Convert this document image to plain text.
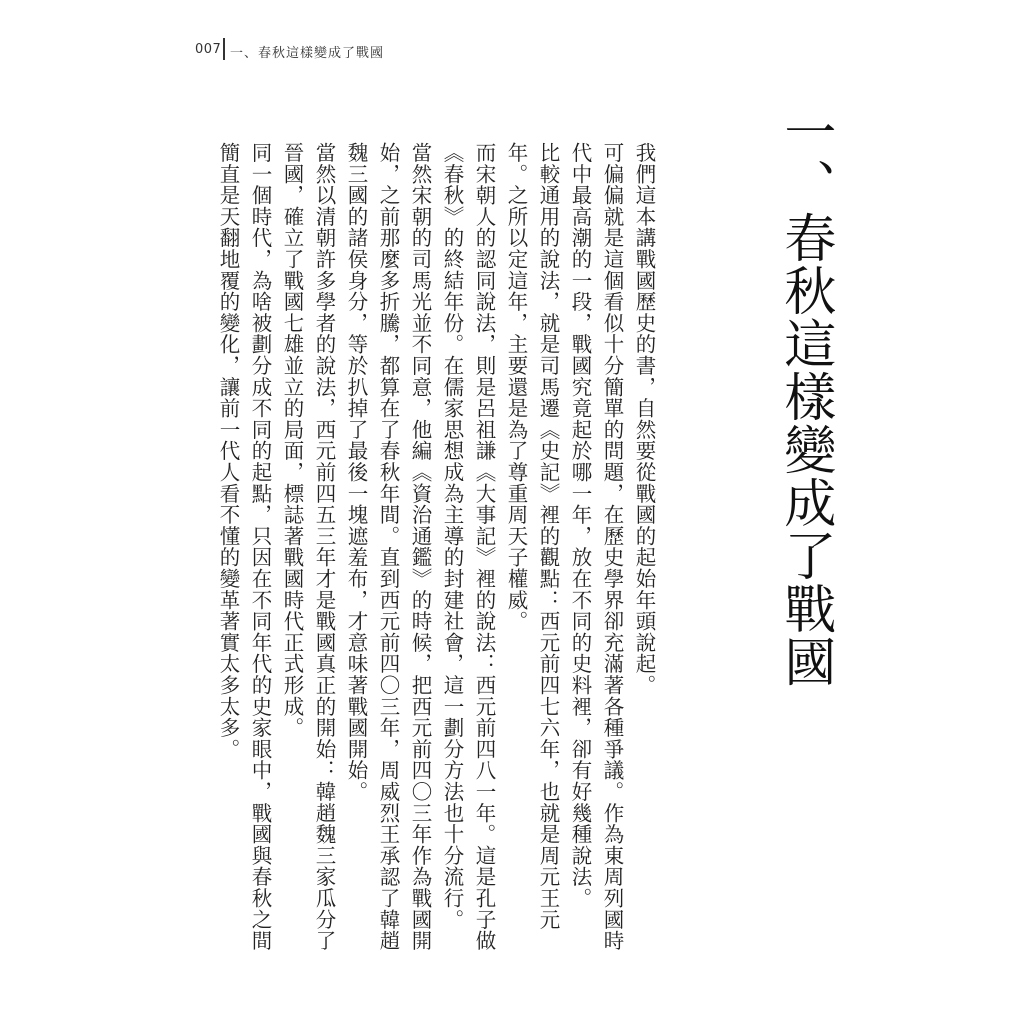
007 一、春秋這樣變成了戰國
一、春秋這樣變成了戰國

我們這本講戰國歷史的書，自然要從戰國的起始年頭說起。

可偏偏就是這個看似十分簡單的問題，在歷史學界卻充滿著各種爭議。作為東周列國時代中最高潮的一段，戰國究竟起於哪一年，放在不同的史料裡，卻有好幾種說法。

比較通用的說法，就是司馬遷《史記》裡的觀點：西元前四七六年，也就是周元王元年。之所以定這年，主要還是為了尊重周天子權威。

而宋朝人的認同說法，則是呂祖謙《大事記》裡的說法：西元前四八一年。這是孔子做《春秋》的終結年份。在儒家思想成為主導的封建社會，這一劃分方法也十分流行。

當然宋朝的司馬光並不同意，他編《資治通鑑》的時候，把西元前四〇三年作為戰國開始，之前那麼多折騰，都算在了春秋年間。直到西元前四〇三年，周威烈王承認了韓趙魏三國的諸侯身分，等於扒掉了最後一塊遮羞布，才意味著戰國開始。

當然以清朝許多學者的說法，西元前四五三年才是戰國真正的開始：韓趙魏三家瓜分了晉國，確立了戰國七雄並立的局面，標誌著戰國時代正式形成。

同一個時代，為啥被劃分成不同的起點，只因在不同年代的史家眼中，戰國與春秋之間簡直是天翻地覆的變化，讓前一代人看不懂的變革著實太多太多。
